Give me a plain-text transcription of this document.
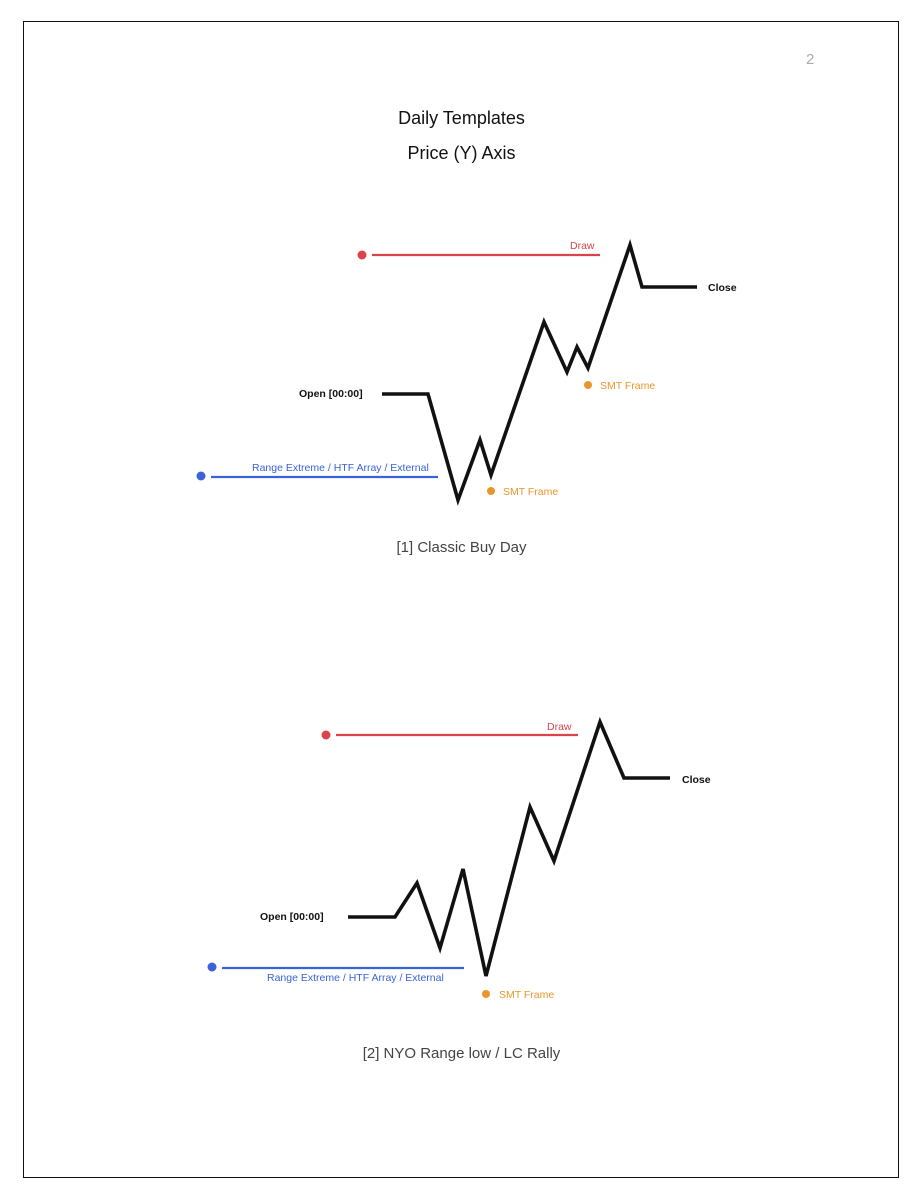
2
Daily Templates
Price (Y) Axis
Draw
Open [00:00]
Close
Range Extreme / HTF Array / External
SMT Frame
SMT Frame
Draw
Open [00:00]
Close
Range Extreme / HTF Array / External
SMT Frame
[1] Classic Buy Day
[2] NYO Range low / LC Rally
